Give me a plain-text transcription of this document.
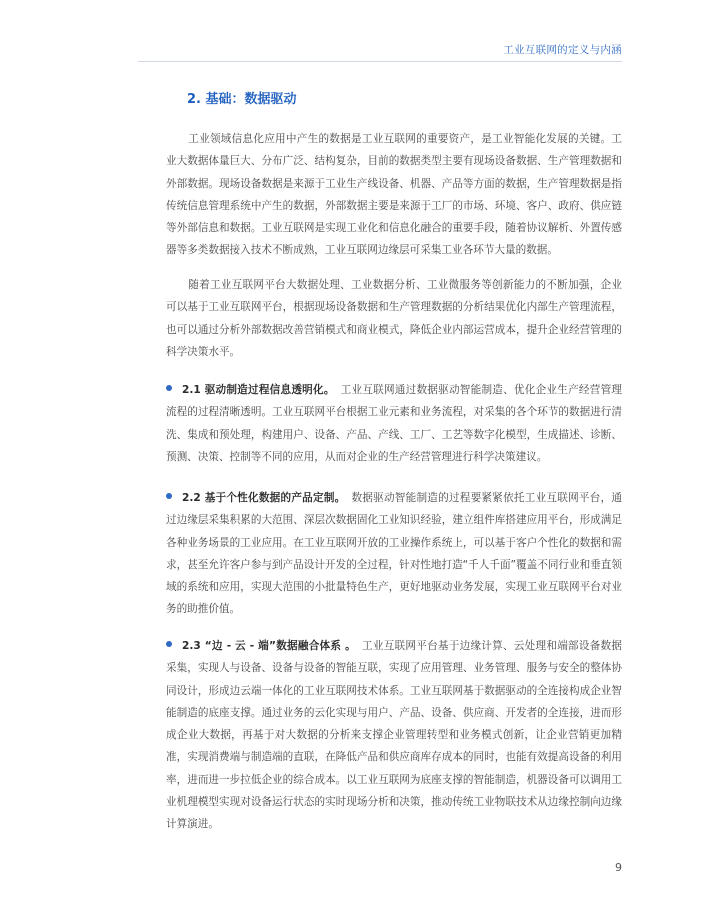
工业互联网的定义与内涵
2. 基础：数据驱动

工业领域信息化应用中产生的数据是工业互联网的重要资产，是工业智能化发展的关键。工业大数据体量巨大、分布广泛、结构复杂，目前的数据类型主要有现场设备数据、生产管理数据和外部数据。现场设备数据是来源于工业生产线设备、机器、产品等方面的数据，生产管理数据是指传统信息管理系统中产生的数据，外部数据主要是来源于工厂的市场、环境、客户、政府、供应链等外部信息和数据。工业互联网是实现工业化和信息化融合的重要手段，随着协议解析、外置传感器等多类数据接入技术不断成熟，工业互联网边缘层可采集工业各环节大量的数据。

随着工业互联网平台大数据处理、工业数据分析、工业微服务等创新能力的不断加强，企业可以基于工业互联网平台，根据现场设备数据和生产管理数据的分析结果优化内部生产管理流程，也可以通过分析外部数据改善营销模式和商业模式，降低企业内部运营成本，提升企业经营管理的科学决策水平。

2.1 驱动制造过程信息透明化。 工业互联网通过数据驱动智能制造、优化企业生产经营管理流程的过程清晰透明。工业互联网平台根据工业元素和业务流程，对采集的各个环节的数据进行清洗、集成和预处理，构建用户、设备、产品、产线、工厂、工艺等数字化模型，生成描述、诊断、预测、决策、控制等不同的应用，从而对企业的生产经营管理进行科学决策建议。

2.2 基于个性化数据的产品定制。 数据驱动智能制造的过程要紧紧依托工业互联网平台，通过边缘层采集积累的大范围、深层次数据固化工业知识经验，建立组件库搭建应用平台，形成满足各种业务场景的工业应用。在工业互联网开放的工业操作系统上，可以基于客户个性化的数据和需求，甚至允许客户参与到产品设计开发的全过程，针对性地打造“千人千面”覆盖不同行业和垂直领域的系统和应用，实现大范围的小批量特色生产，更好地驱动业务发展，实现工业互联网平台对业务的助推价值。

2.3 “边 - 云 - 端”数据融合体系 。 工业互联网平台基于边缘计算、云处理和端部设备数据采集，实现人与设备、设备与设备的智能互联，实现了应用管理、业务管理、服务与安全的整体协同设计，形成边云端一体化的工业互联网技术体系。工业互联网基于数据驱动的全连接构成企业智能制造的底座支撑。通过业务的云化实现与用户、产品、设备、供应商、开发者的全连接，进而形成企业大数据，再基于对大数据的分析来支撑企业管理转型和业务模式创新，让企业营销更加精准，实现消费端与制造端的直联，在降低产品和供应商库存成本的同时，也能有效提高设备的利用率，进而进一步拉低企业的综合成本。以工业互联网为底座支撑的智能制造，机器设备可以调用工业机理模型实现对设备运行状态的实时现场分析和决策，推动传统工业物联技术从边缘控制向边缘计算演进。

9
